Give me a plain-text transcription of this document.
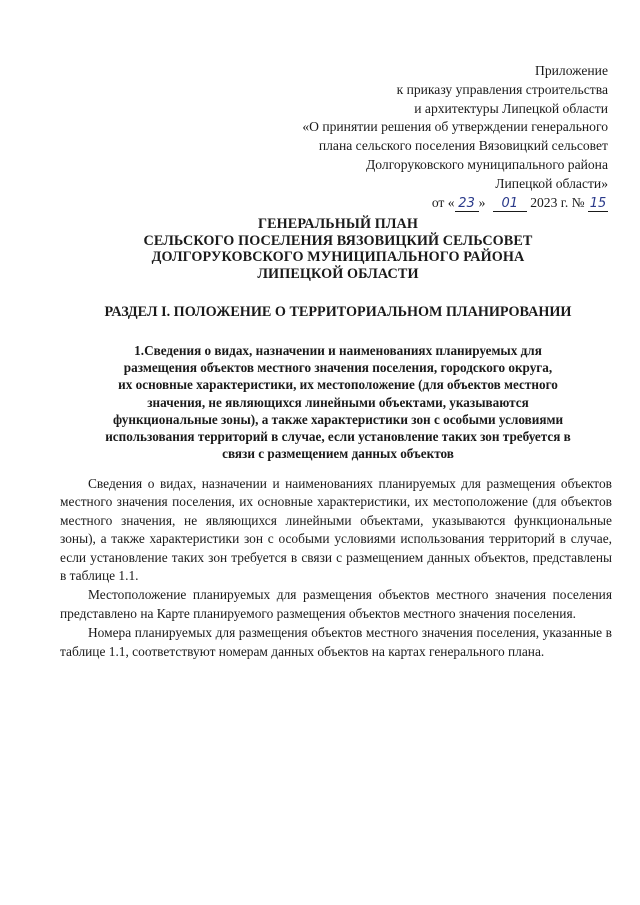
Приложение
к приказу управления строительства
и архитектуры Липецкой области
«О принятии решения об утверждении генерального
плана сельского поселения Вязовицкий сельсовет
Долгоруковского муниципального района
Липецкой области»
от « 23 » 01 2023 г. № 15
ГЕНЕРАЛЬНЫЙ ПЛАН
СЕЛЬСКОГО ПОСЕЛЕНИЯ ВЯЗОВИЦКИЙ СЕЛЬСОВЕТ
ДОЛГОРУКОВСКОГО МУНИЦИПАЛЬНОГО РАЙОНА
ЛИПЕЦКОЙ ОБЛАСТИ
РАЗДЕЛ I. ПОЛОЖЕНИЕ О ТЕРРИТОРИАЛЬНОМ ПЛАНИРОВАНИИ
1.Сведения о видах, назначении и наименованиях планируемых для
размещения объектов местного значения поселения, городского округа,
их основные характеристики, их местоположение (для объектов местного
значения, не являющихся линейными объектами, указываются
функциональные зоны), а также характеристики зон с особыми условиями
использования территорий в случае, если установление таких зон требуется в
связи с размещением данных объектов

Сведения о видах, назначении и наименованиях планируемых для размещения объектов местного значения поселения, их основные характеристики, их местоположение (для объектов местного значения, не являющихся линейными объектами, указываются функциональные зоны), а также характеристики зон с особыми условиями использования территорий в случае, если установление таких зон требуется в связи с размещением данных объектов, представлены в таблице 1.1.

Местоположение планируемых для размещения объектов местного значения поселения представлено на Карте планируемого размещения объектов местного значения поселения.

Номера планируемых для размещения объектов местного значения поселения, указанные в таблице 1.1, соответствуют номерам данных объектов на картах генерального плана.
